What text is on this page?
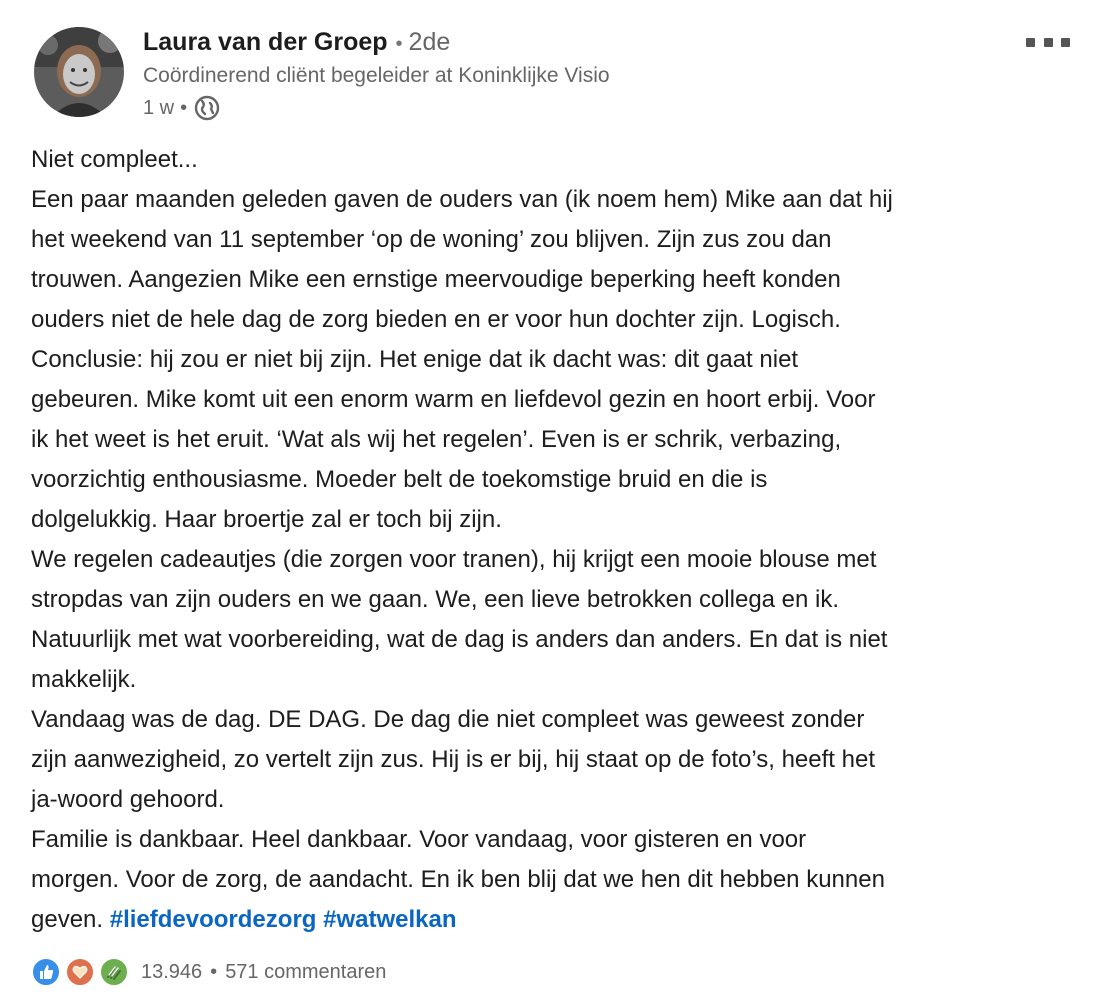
Laura van der Groep • 2de
Coördinerend cliënt begeleider at Koninklijke Visio
1 w •

Niet compleet...

Een paar maanden geleden gaven de ouders van (ik noem hem) Mike aan dat hij

het weekend van 11 september ‘op de woning’ zou blijven. Zijn zus zou dan

trouwen. Aangezien Mike een ernstige meervoudige beperking heeft konden

ouders niet de hele dag de zorg bieden en er voor hun dochter zijn. Logisch.

Conclusie: hij zou er niet bij zijn. Het enige dat ik dacht was: dit gaat niet

gebeuren. Mike komt uit een enorm warm en liefdevol gezin en hoort erbij. Voor

ik het weet is het eruit. ‘Wat als wij het regelen’. Even is er schrik, verbazing,

voorzichtig enthousiasme. Moeder belt de toekomstige bruid en die is

dolgelukkig. Haar broertje zal er toch bij zijn.

We regelen cadeautjes (die zorgen voor tranen), hij krijgt een mooie blouse met

stropdas van zijn ouders en we gaan. We, een lieve betrokken collega en ik.

Natuurlijk met wat voorbereiding, wat de dag is anders dan anders. En dat is niet

makkelijk.

Vandaag was de dag. DE DAG. De dag die niet compleet was geweest zonder

zijn aanwezigheid, zo vertelt zijn zus. Hij is er bij, hij staat op de foto’s, heeft het

ja-woord gehoord.

Familie is dankbaar. Heel dankbaar. Voor vandaag, voor gisteren en voor

morgen. Voor de zorg, de aandacht. En ik ben blij dat we hen dit hebben kunnen

geven. #liefdevoordezorg #watwelkan

13.946 • 571 commentaren
